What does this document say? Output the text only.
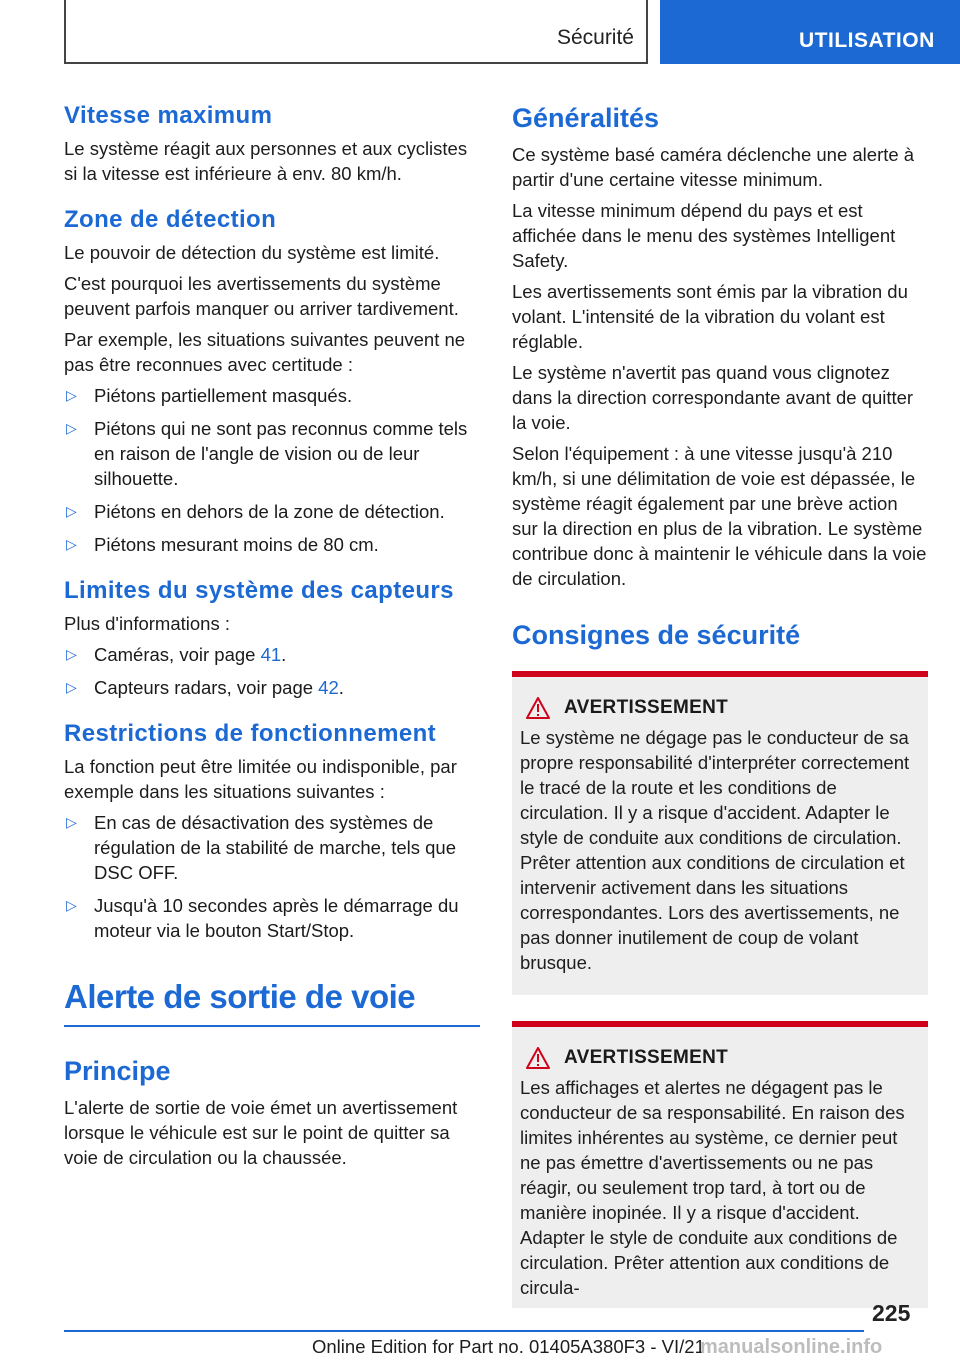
Sécurité	UTILISATION
Vitesse maximum

Le système réagit aux personnes et aux cyclistes si la vitesse est inférieure à env. 80 km/h.

Zone de détection

Le pouvoir de détection du système est limité.

C'est pourquoi les avertissements du système peuvent parfois manquer ou arriver tardivement.

Par exemple, les situations suivantes peuvent ne pas être reconnues avec certitude :

▷ Piétons partiellement masqués.
▷ Piétons qui ne sont pas reconnus comme tels en raison de l'angle de vision ou de leur silhouette.
▷ Piétons en dehors de la zone de détection.
▷ Piétons mesurant moins de 80 cm.
Limites du système des capteurs

Plus d'informations :

▷ Caméras, voir page 41.
▷ Capteurs radars, voir page 42.
Restrictions de fonctionnement

La fonction peut être limitée ou indisponible, par exemple dans les situations suivantes :

▷ En cas de désactivation des systèmes de régulation de la stabilité de marche, tels que DSC OFF.
▷ Jusqu'à 10 secondes après le démarrage du moteur via le bouton Start/Stop.
Alerte de sortie de voie
Principe

L'alerte de sortie de voie émet un avertissement lorsque le véhicule est sur le point de quitter sa voie de circulation ou la chaussée.

Généralités

Ce système basé caméra déclenche une alerte à partir d'une certaine vitesse minimum.

La vitesse minimum dépend du pays et est affichée dans le menu des systèmes Intelligent Safety.

Les avertissements sont émis par la vibration du volant. L'intensité de la vibration du volant est réglable.

Le système n'avertit pas quand vous clignotez dans la direction correspondante avant de quitter la voie.

Selon l'équipement : à une vitesse jusqu'à 210 km/h, si une délimitation de voie est dépassée, le système réagit également par une brève action sur la direction en plus de la vibration. Le système contribue donc à maintenir le véhicule dans la voie de circulation.

Consignes de sécurité
AVERTISSEMENT

Le système ne dégage pas le conducteur de sa propre responsabilité d'interpréter correctement le tracé de la route et les conditions de circulation. Il y a risque d'accident. Adapter le style de conduite aux conditions de circulation. Prêter attention aux conditions de circulation et intervenir activement dans les situations correspondantes. Lors des avertissements, ne pas donner inutilement de coup de volant brusque.

AVERTISSEMENT

Les affichages et alertes ne dégagent pas le conducteur de sa responsabilité. En raison des limites inhérentes au système, ce dernier peut ne pas émettre d'avertissements ou ne pas réagir, ou seulement trop tard, à tort ou de manière inopinée. Il y a risque d'accident. Adapter le style de conduite aux conditions de circulation. Prêter attention aux conditions de circula-

225
Online Edition for Part no. 01405A380F3 - VI/21
manualsonline.info
